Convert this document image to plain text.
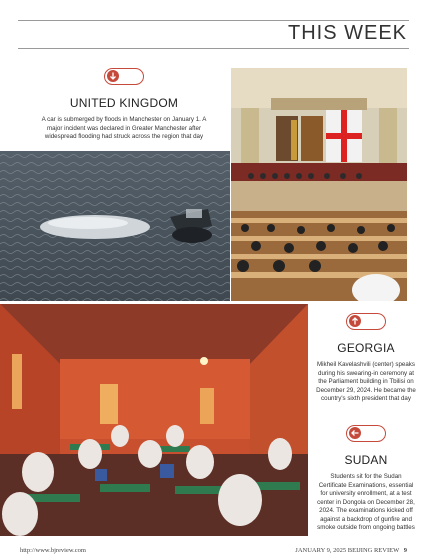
THIS WEEK
UNITED KINGDOM
A car is submerged by floods in Manchester on January 1. A major incident was declared in Greater Manchester after widespread flooding had struck across the region that day
GEORGIA
Mikheil Kavelashvili (center) speaks during his swearing-in ceremony at the Parliament building in Tbilisi on December 29, 2024. He became the country's sixth president that day
SUDAN
Students sit for the Sudan Certificate Examinations, essential for university enrollment, at a test center in Dongola on December 28, 2024. The examinations kicked off against a backdrop of gunfire and smoke outside from ongoing battles
http://www.bjreview.com	JANUARY 9, 2025 BEIJING REVIEW 9
